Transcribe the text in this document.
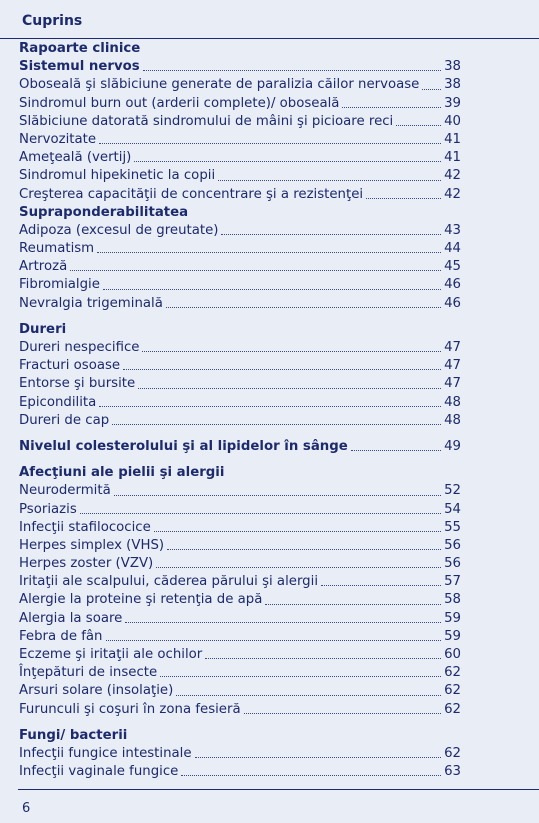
Cuprins
Rapoarte clinice
Sistemul nervos	38
Oboseală şi slăbiciune generate de paralizia căilor nervoase 38
Sindromul burn out (arderii complete)/ oboseală	39
Slăbiciune datorată sindromului de mâini şi picioare reci	40
Nervozitate	41
Ameţeală (vertij)	41
Sindromul hipekinetic la copii	42
Creşterea capacităţii de concentrare şi a rezistenţei	42
Supraponderabilitatea
Adipoza (excesul de greutate)	43
Reumatism	44
Artroză	45
Fibromialgie	46
Nevralgia trigeminală	46
Dureri
Dureri nespecifice	47
Fracturi osoase	47
Entorse şi bursite	47
Epicondilita	48
Dureri de cap	48
Nivelul colesterolului şi al lipidelor în sânge	49
Afecţiuni ale pielii şi alergii
Neurodermită	52
Psoriazis	54
Infecţii stafilococice	55
Herpes simplex (VHS)	56
Herpes zoster (VZV)	56
Iritaţii ale scalpului, căderea părului şi alergii	57
Alergie la proteine şi retenţia de apă	58
Alergia la soare	59
Febra de fân	59
Eczeme şi iritaţii ale ochilor	60
Înţepături de insecte	62
Arsuri solare (insolaţie)	62
Furunculi şi coşuri în zona fesieră	62
Fungi/ bacterii
Infecţii fungice intestinale	62
Infecţii vaginale fungice	63
6
